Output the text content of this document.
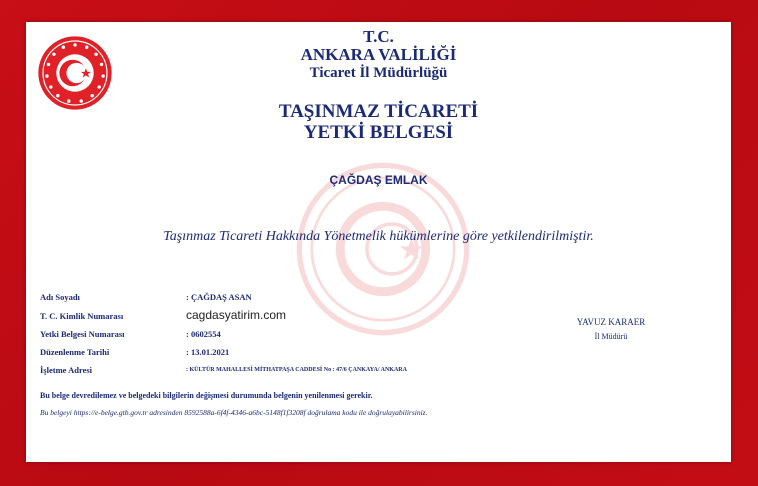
T.C.
ANKARA VALİLİĞİ
Ticaret İl Müdürlüğü
TAŞINMAZ TİCARETİ
YETKİ BELGESİ
ÇAĞDAŞ EMLAK
Taşınmaz Ticareti Hakkında Yönetmelik hükümlerine göre yetkilendirilmiştir.
Adı Soyadı	: ÇAĞDAŞ ASAN
T. C. Kimlik Numarası	cagdasyatirim.com
Yetki Belgesi Numarası	: 0602554
Düzenlenme Tarihi	: 13.01.2021
İşletme Adresi	: KÜLTÜR MAHALLESİ MİTHATPAŞA CADDESİ No : 47/6 ÇANKAYA/ ANKARA
YAVUZ KARAER
İl Müdürü
Bu belge devredilemez ve belgedeki bilgilerin değişmesi durumunda belgenin yenilenmesi gerekir.
Bu belgeyi https://e-belge.gtb.gov.tr adresinden 8592588a-6f4f-4346-a6bc-5148f1f3208f doğrulama kodu ile doğrulayabilirsiniz.
